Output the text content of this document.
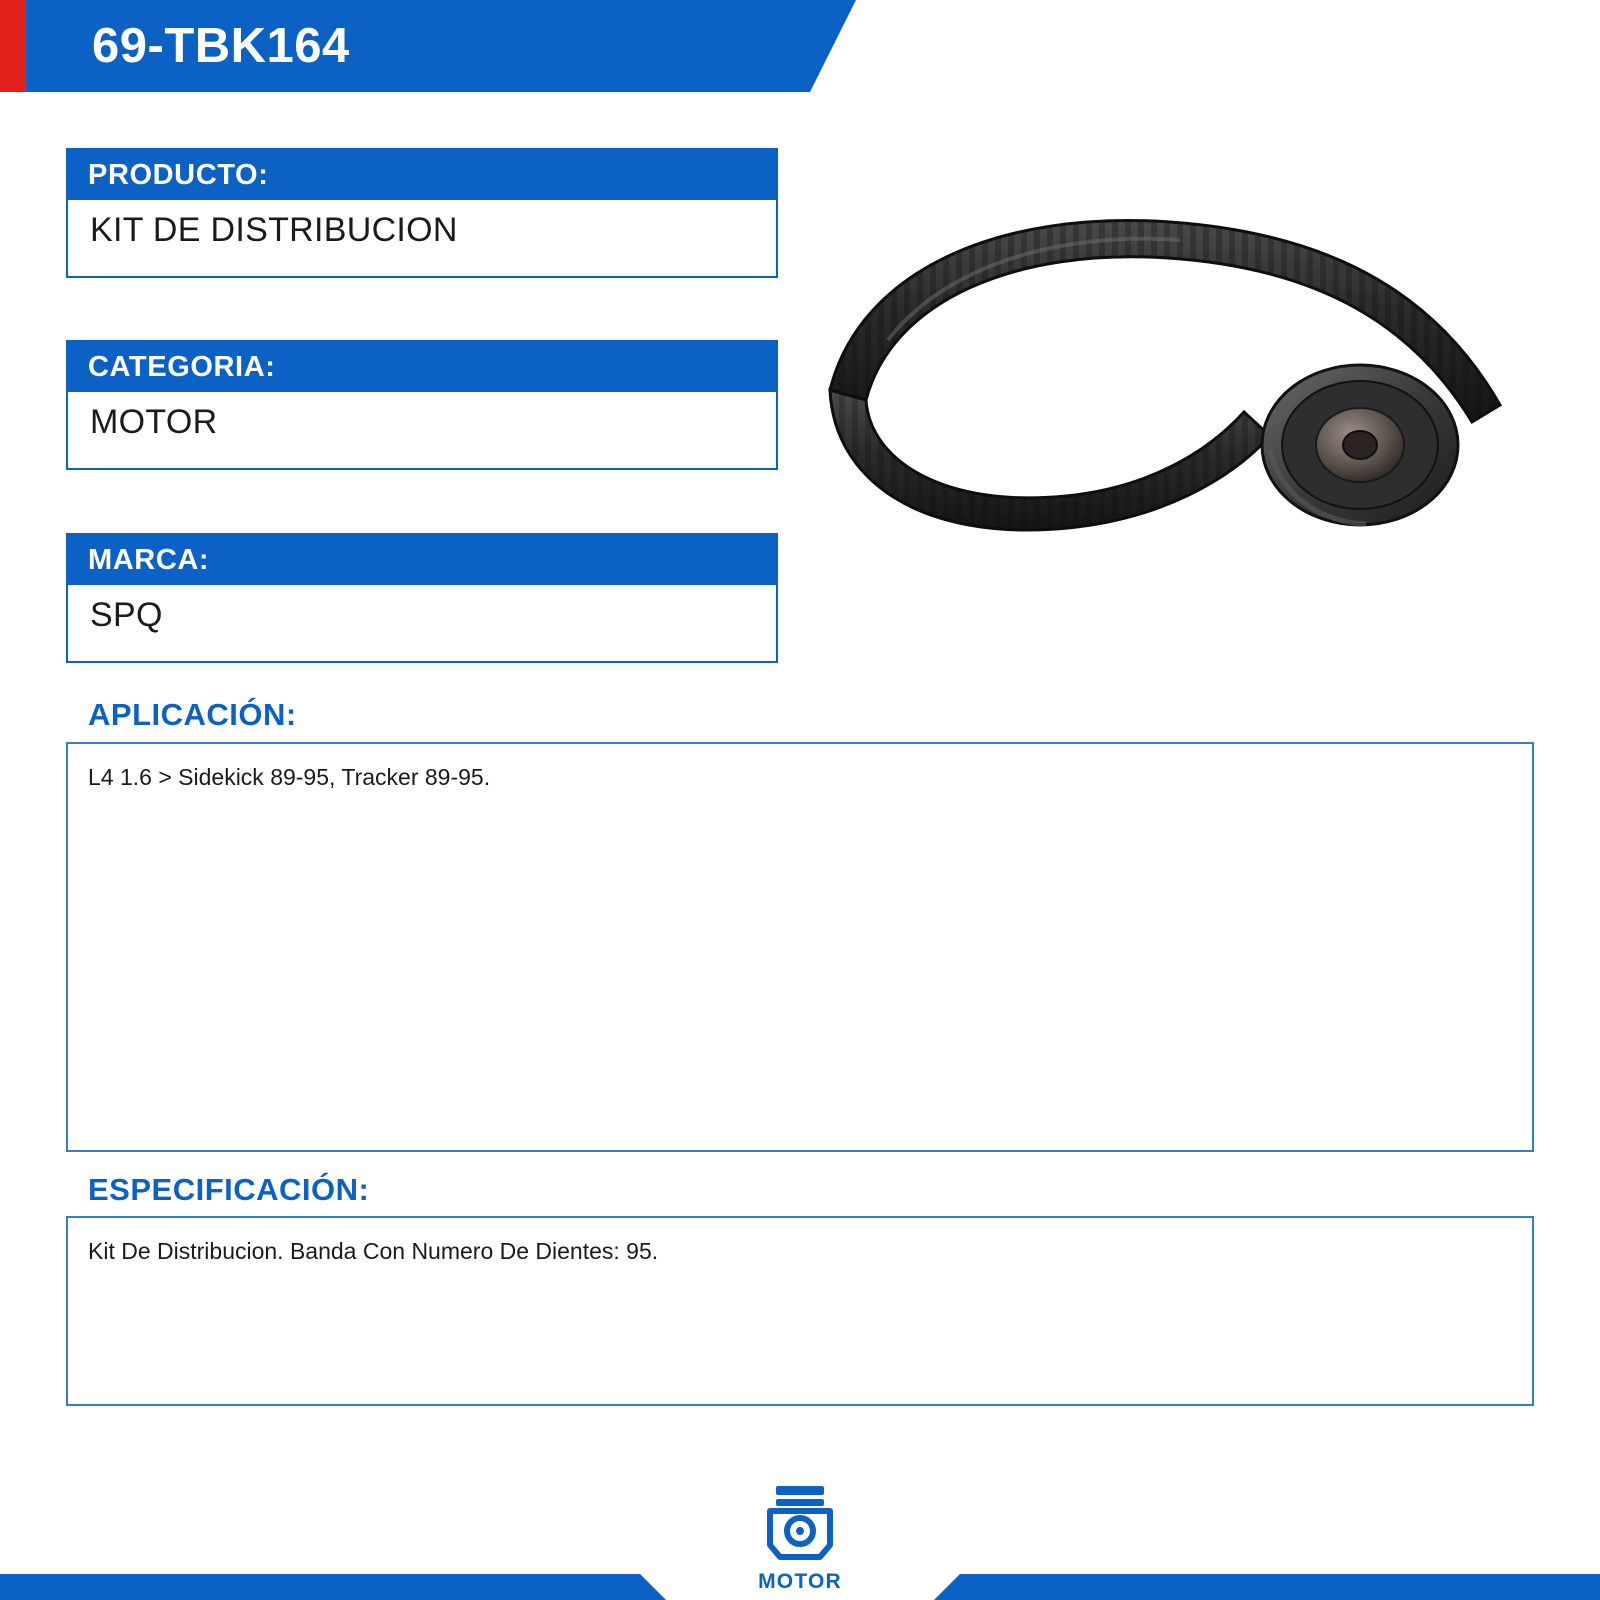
69-TBK164
PRODUCTO:
KIT DE DISTRIBUCION
CATEGORIA:
MOTOR
MARCA:
SPQ
APLICACIÓN:
L4 1.6 > Sidekick 89-95, Tracker 89-95.
ESPECIFICACIÓN:
Kit De Distribucion. Banda Con Numero De Dientes: 95.
MOTOR
